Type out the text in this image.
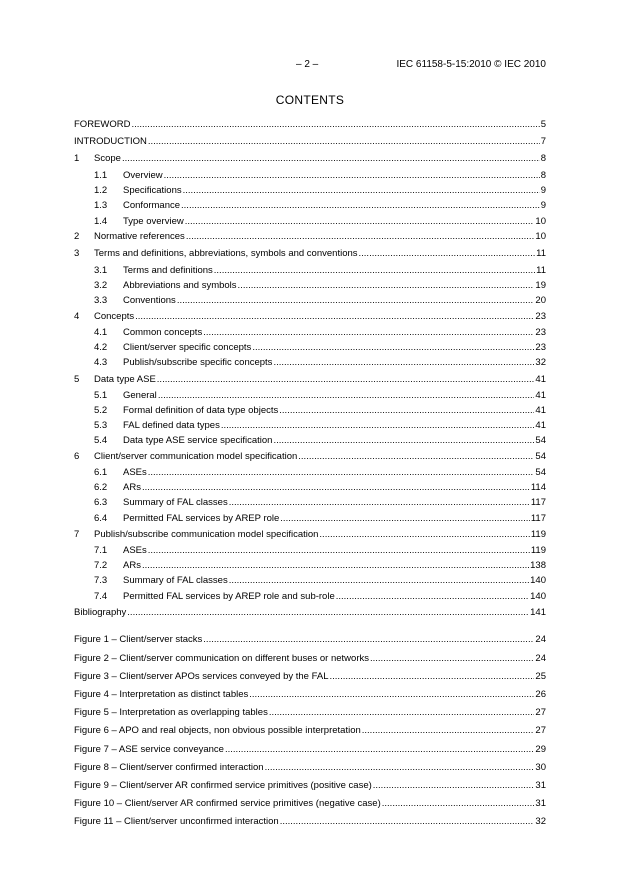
– 2 –	IEC 61158-5-15:2010 © IEC 2010
CONTENTS
FOREWORD .....	5
INTRODUCTION .....	7
1	Scope .....	8
1.1	Overview .....	8
1.2	Specifications .....	9
1.3	Conformance .....	9
1.4	Type overview .....	10
2	Normative references .....	10
3	Terms and definitions, abbreviations, symbols and conventions .....	11
3.1	Terms and definitions .....	11
3.2	Abbreviations and symbols .....	19
3.3	Conventions .....	20
4	Concepts .....	23
4.1	Common concepts .....	23
4.2	Client/server specific concepts .....	23
4.3	Publish/subscribe specific concepts .....	32
5	Data type ASE .....	41
5.1	General .....	41
5.2	Formal definition of data type objects .....	41
5.3	FAL defined data types .....	41
5.4	Data type ASE service specification .....	54
6	Client/server communication model specification .....	54
6.1	ASEs .....	54
6.2	ARs .....	114
6.3	Summary of FAL classes .....	117
6.4	Permitted FAL services by AREP role .....	117
7	Publish/subscribe communication model specification .....	119
7.1	ASEs .....	119
7.2	ARs .....	138
7.3	Summary of FAL classes .....	140
7.4	Permitted FAL services by AREP role and sub-role .....	140
Bibliography .....	141
Figure 1 – Client/server stacks .....	24
Figure 2 – Client/server communication on different buses or networks .....	24
Figure 3 – Client/server APOs services conveyed by the FAL .....	25
Figure 4 – Interpretation as distinct tables .....	26
Figure 5 – Interpretation as overlapping tables .....	27
Figure 6 – APO and real objects, non obvious possible interpretation .....	27
Figure 7 – ASE service conveyance .....	29
Figure 8 – Client/server confirmed interaction .....	30
Figure 9 – Client/server AR confirmed service primitives (positive case) .....	31
Figure 10 – Client/server AR confirmed service primitives (negative case) .....	31
Figure 11 – Client/server unconfirmed interaction .....	32
